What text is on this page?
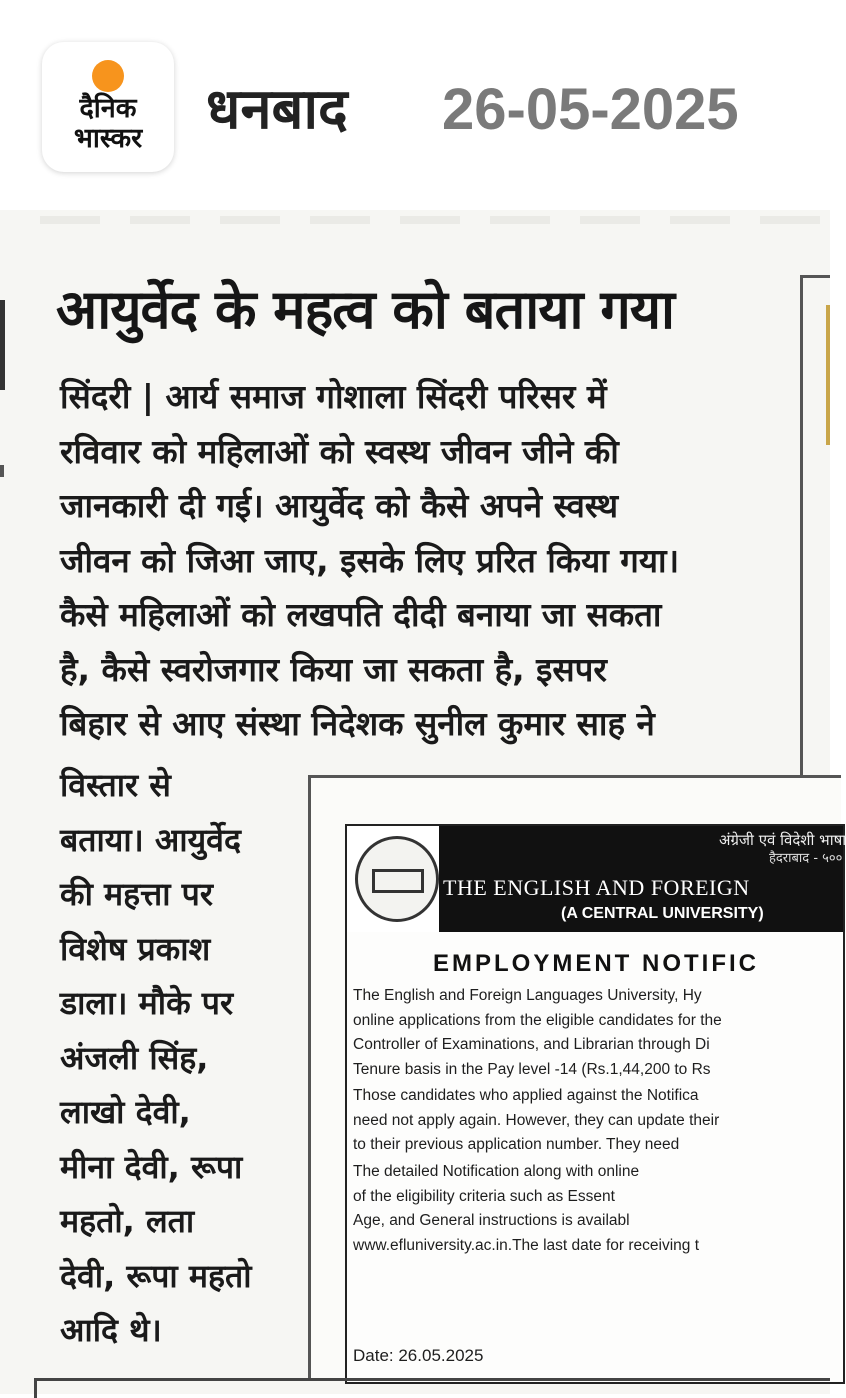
दैनिक
भास्कर	धनबाद 26-05-2025
आयुर्वेद के महत्व को बताया गया
सिंदरी | आर्य समाज गोशाला सिंदरी परिसर में
रविवार को महिलाओं को स्वस्थ जीवन जीने की
जानकारी दी गई। आयुर्वेद को कैसे अपने स्वस्थ
जीवन को जिआ जाए, इसके लिए प्ररित किया गया।
कैसे महिलाओं को लखपति दीदी बनाया जा सकता
है, कैसे स्वरोजगार किया जा सकता है, इसपर
बिहार से आए संस्था निदेशक सुनील कुमार साह ने
विस्तार से
बताया। आयुर्वेद
की महत्ता पर
विशेष प्रकाश
डाला। मौके पर
अंजली सिंह,
लाखो देवी,
मीना देवी, रूपा
महतो, लता
देवी, रूपा महतो
आदि थे।
अंग्रेजी एवं विदेशी भाषा
हैदराबाद - ५००
THE ENGLISH AND FOREIGN
(A CENTRAL UNIVERSITY)
EMPLOYMENT NOTIFIC
The English and Foreign Languages University, Hy
online applications from the eligible candidates for the
Controller of Examinations, and Librarian through Di
Tenure basis in the Pay level -14 (Rs.1,44,200 to Rs
Those candidates who applied against the Notifica
need not apply again. However, they can update their
to their previous application number. They need
The detailed Notification along with online
of the eligibility criteria such as Essent
Age, and General instructions is availabl
www.efluniversity.ac.in.The last date for receiving t
Date: 26.05.2025
